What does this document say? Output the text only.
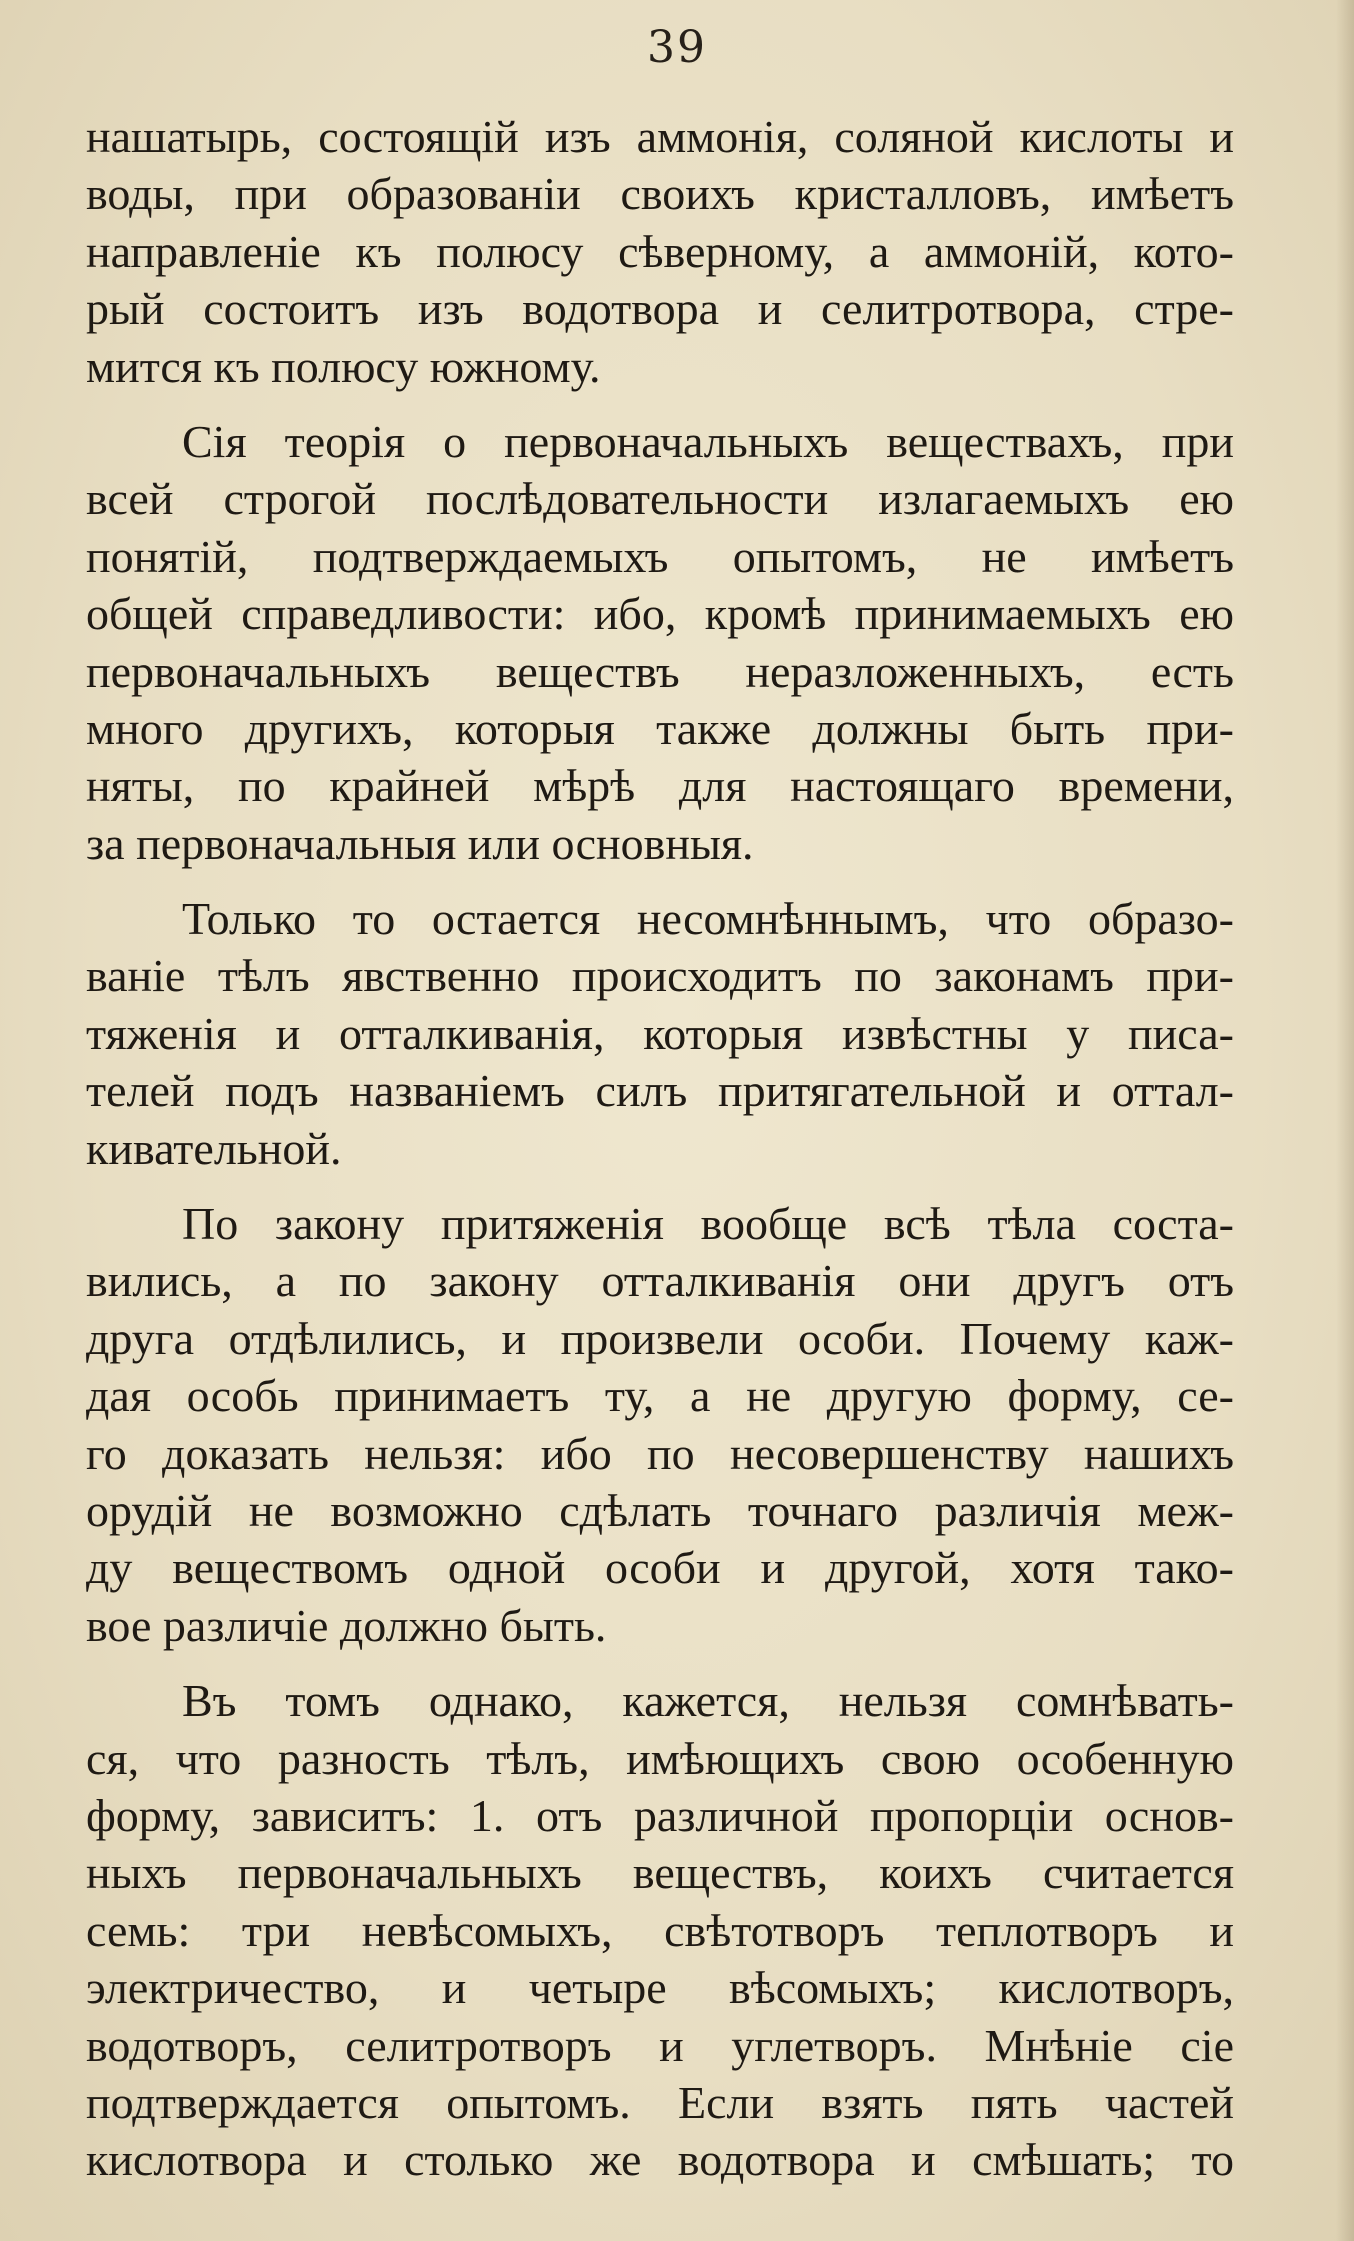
39
нашатырь, состоящій изъ аммонія, соляной кислоты и
воды, при образованіи своихъ кристалловъ, имѣетъ
направленіе къ полюсу сѣверному, а аммоній, кото-
рый состоитъ изъ водотвора и селитротвора, стре-
мится къ полюсу южному.
Сія теорія о первоначальныхъ веществахъ, при
всей строгой послѣдовательности излагаемыхъ ею
понятій, подтверждаемыхъ опытомъ, не имѣетъ
общей справедливости: ибо, кромѣ принимаемыхъ ею
первоначальныхъ веществъ неразложенныхъ, есть
много другихъ, которыя также должны быть при-
няты, по крайней мѣрѣ для настоящаго времени,
за первоначальныя или основныя.
Только то остается несомнѣннымъ, что образо-
ваніе тѣлъ явственно происходитъ по законамъ при-
тяженія и отталкиванія, которыя извѣстны у писа-
телей подъ названіемъ силъ притягательной и оттал-
кивательной.
По закону притяженія вообще всѣ тѣла соста-
вились, а по закону отталкиванія они другъ отъ
друга отдѣлились, и произвели особи. Почему каж-
дая особь принимаетъ ту, а не другую форму, се-
го доказать нельзя: ибо по несовершенству нашихъ
орудій не возможно сдѣлать точнаго различія меж-
ду веществомъ одной особи и другой, хотя тако-
вое различіе должно быть.
Въ томъ однако, кажется, нельзя сомнѣвать-
ся, что разность тѣлъ, имѣющихъ свою особенную
форму, зависитъ: 1. отъ различной пропорціи основ-
ныхъ первоначальныхъ веществъ, коихъ считается
семь: три невѣсомыхъ, свѣтотворъ теплотворъ и
электричество, и четыре вѣсомыхъ; кислотворъ,
водотворъ, селитротворъ и углетворъ. Мнѣніе сіе
подтверждается опытомъ. Если взять пять частей
кислотвора и столько же водотвора и смѣшать; то
